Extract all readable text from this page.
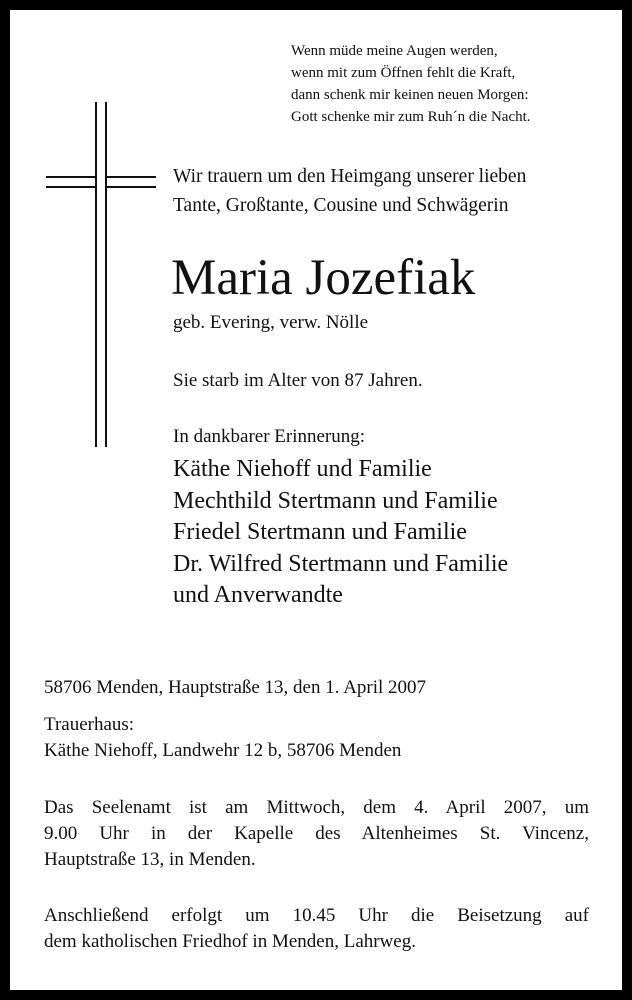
Wenn müde meine Augen werden,
wenn mit zum Öffnen fehlt die Kraft,
dann schenk mir keinen neuen Morgen:
Gott schenke mir zum Ruh´n die Nacht.
Wir trauern um den Heimgang unserer lieben
Tante, Großtante, Cousine und Schwägerin
Maria Jozefiak
geb. Evering, verw. Nölle
Sie starb im Alter von 87 Jahren.
In dankbarer Erinnerung:
Käthe Niehoff und Familie
Mechthild Stertmann und Familie
Friedel Stertmann und Familie
Dr. Wilfred Stertmann und Familie
und Anverwandte
58706 Menden, Hauptstraße 13, den 1. April 2007
Trauerhaus:
Käthe Niehoff, Landwehr 12 b, 58706 Menden
Das Seelenamt ist am Mittwoch, dem 4. April 2007, um
9.00 Uhr in der Kapelle des Altenheimes St. Vincenz,
Hauptstraße 13, in Menden.
Anschließend erfolgt um 10.45 Uhr die Beisetzung auf
dem katholischen Friedhof in Menden, Lahrweg.
